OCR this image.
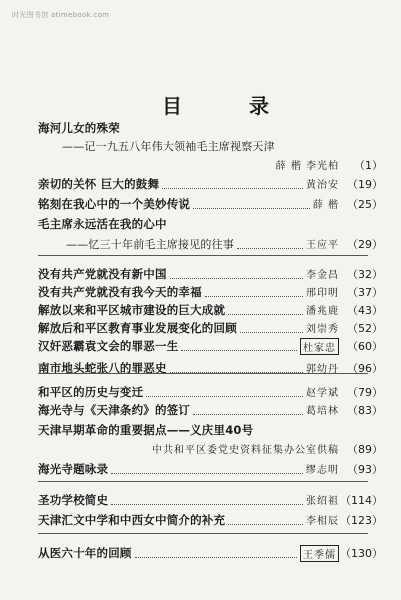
时光图书馆 atimebook.com
目 录
海河儿女的殊荣
——记一九五八年伟大领袖毛主席视察天津
薛 楷 李光柏 （1）
亲切的关怀 巨大的鼓舞	黄治安 （19）
铭刻在我心中的一个美妙传说	薛 楷 （25）
毛主席永远活在我的心中
——忆三十年前毛主席接见的往事	王应平 （29）
没有共产党就没有新中国	李金昌 （32）
没有共产党就没有我今天的幸福	邢印明 （37）
解放以来和平区城市建设的巨大成就	潘兆鹿 （43）
解放后和平区教育事业发展变化的回顾	刘崇秀 （52）
汉奸恶霸袁文会的罪恶一生	杜家忠 （60）
南市地头蛇张八的罪恶史	郭幼丹 （96）
和平区的历史与变迁	赵学斌 （79）
海光寺与《天津条约》的签订	葛培林 （83）
天津早期革命的重要据点——义庆里40号
中共和平区委党史资料征集办公室供稿 （89）
海光寺题咏录	缪志明 （93）
圣功学校简史	张绍祖 （114）
天津汇文中学和中西女中简介的补充	李相辰 （123）
从医六十年的回顾	王季儒 （130）
